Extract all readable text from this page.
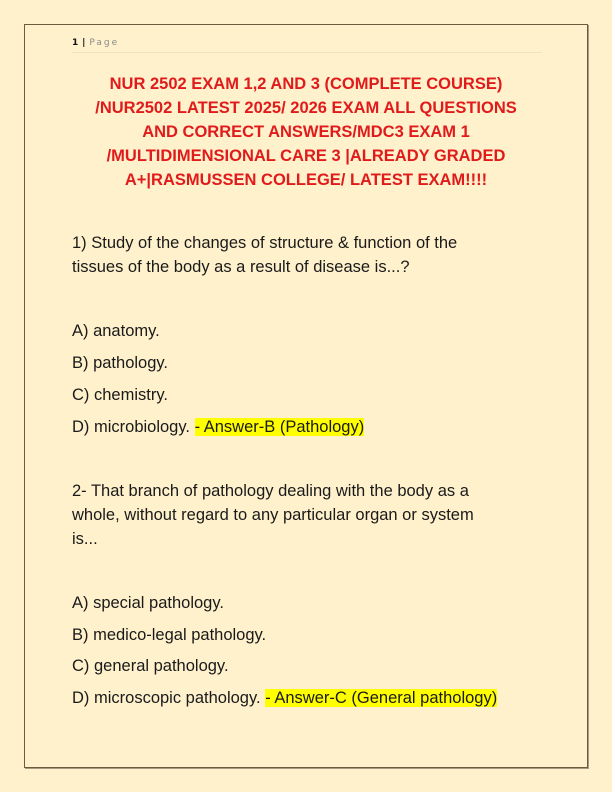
1 | Page
NUR 2502 EXAM 1,2 AND 3 (COMPLETE COURSE)
/NUR2502 LATEST 2025/ 2026 EXAM ALL QUESTIONS
AND CORRECT ANSWERS/MDC3 EXAM 1
/MULTIDIMENSIONAL CARE 3 |ALREADY GRADED
A+|RASMUSSEN COLLEGE/ LATEST EXAM!!!!
1) Study of the changes of structure & function of the
tissues of the body as a result of disease is...?
A) anatomy.
B) pathology.
C) chemistry.
D) microbiology. - Answer-B (Pathology)
2- That branch of pathology dealing with the body as a
whole, without regard to any particular organ or system
is...
A) special pathology.
B) medico-legal pathology.
C) general pathology.
D) microscopic pathology. - Answer-C (General pathology)
